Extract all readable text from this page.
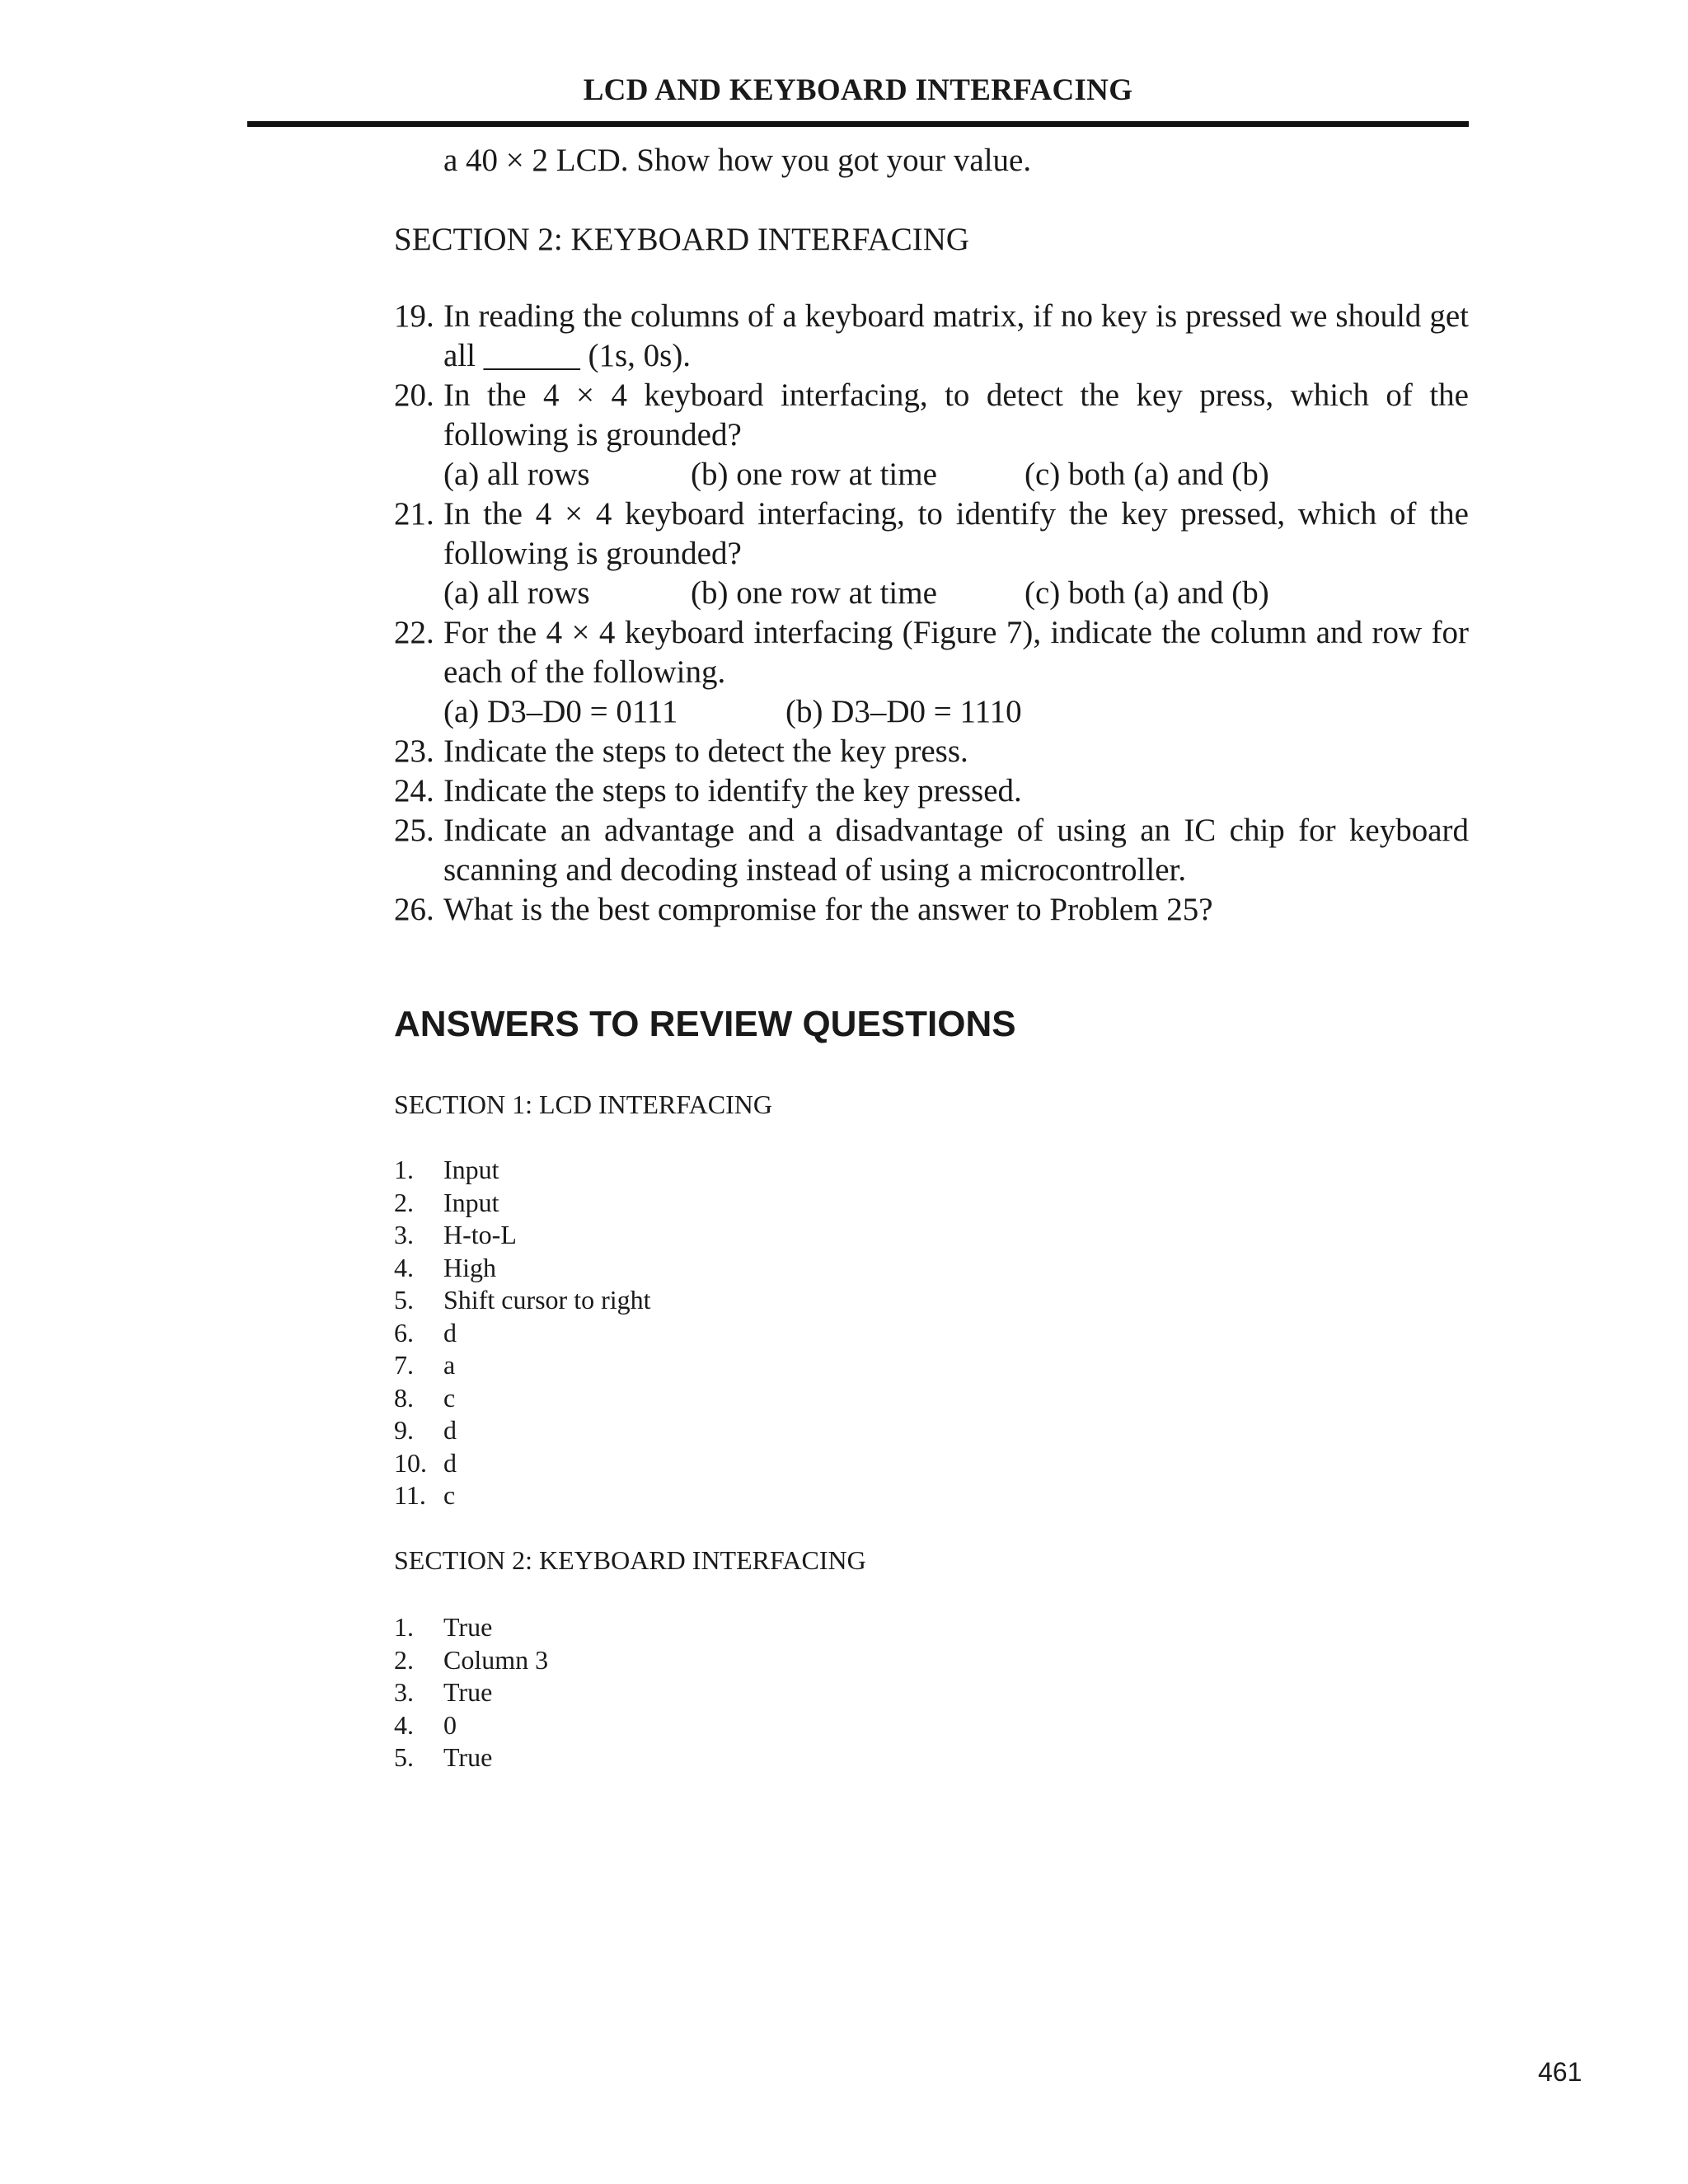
LCD AND KEYBOARD INTERFACING
a 40 × 2 LCD. Show how you got your value.
SECTION 2: KEYBOARD INTERFACING
19. In reading the columns of a keyboard matrix, if no key is pressed we should get all ______ (1s, 0s).
20. In the 4 × 4 keyboard interfacing, to detect the key press, which of the following is grounded?
(a) all rows	(b) one row at time	(c) both (a) and (b)
21. In the 4 × 4 keyboard interfacing, to identify the key pressed, which of the following is grounded?
(a) all rows	(b) one row at time	(c) both (a) and (b)
22. For the 4 × 4 keyboard interfacing (Figure 7), indicate the column and row for each of the following.
(a) D3–D0 = 0111	(b) D3–D0 = 1110
23. Indicate the steps to detect the key press.
24. Indicate the steps to identify the key pressed.
25. Indicate an advantage and a disadvantage of using an IC chip for keyboard scanning and decoding instead of using a microcontroller.
26. What is the best compromise for the answer to Problem 25?
ANSWERS TO REVIEW QUESTIONS
SECTION 1: LCD INTERFACING
1.	Input
2.	Input
3.	H-to-L
4.	High
5.	Shift cursor to right
6.	d
7.	a
8.	c
9.	d
10. d
11. c
SECTION 2: KEYBOARD INTERFACING
1.	True
2.	Column 3
3.	True
4.	0
5.	True
461
